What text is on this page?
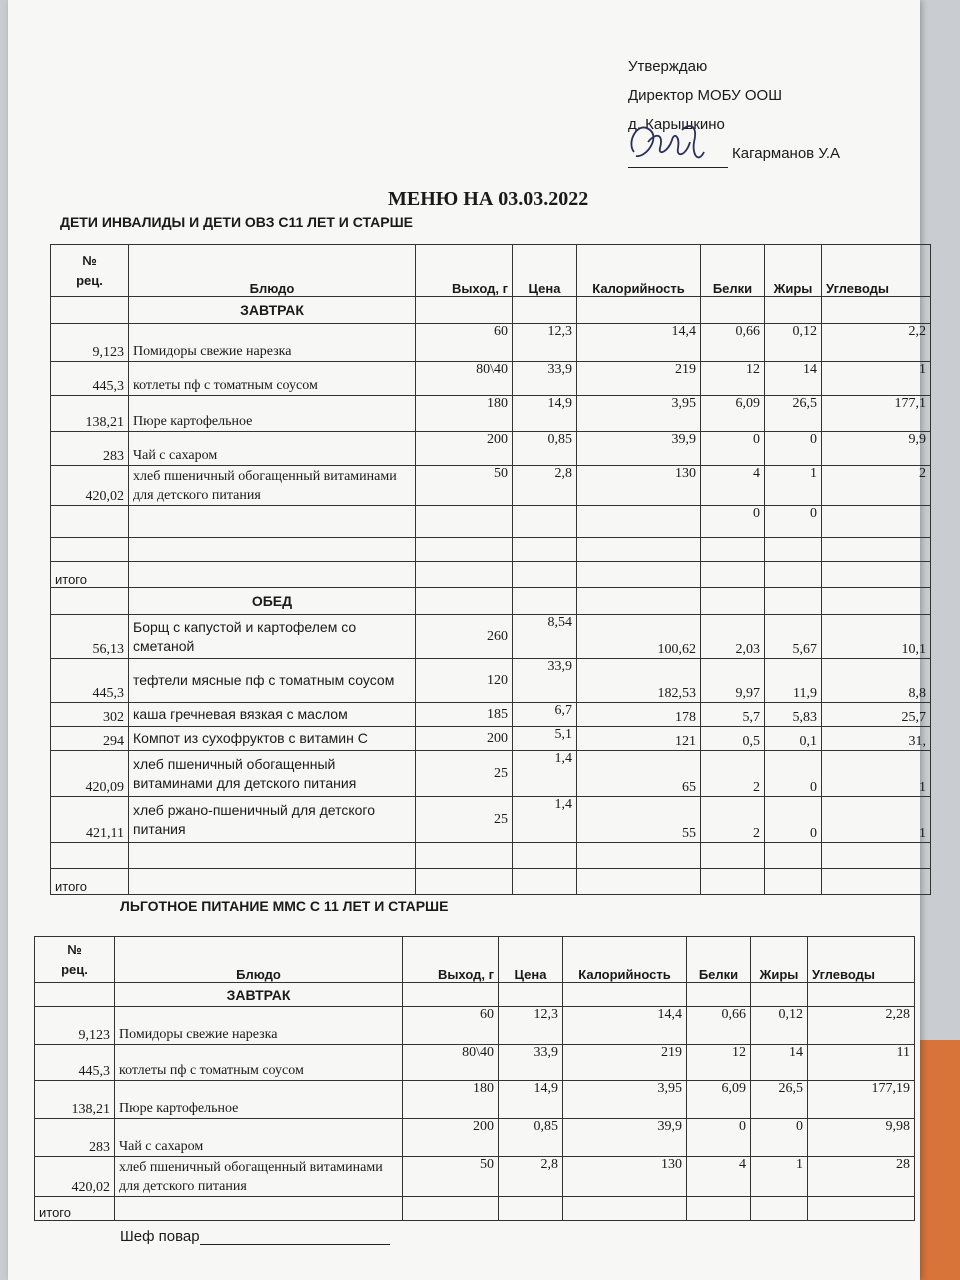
Утверждаю
Директор МОБУ ООШ
д. Карышкино
Кагарманов У.А
МЕНЮ НА 03.03.2022
ДЕТИ ИНВАЛИДЫ И ДЕТИ ОВЗ С11 ЛЕТ И СТАРШЕ
№
рец.	Блюдо	Выход, г	Цена	Калорийность	Белки	Жиры	Углеводы
	ЗАВТРАК						
9,123	Помидоры свежие нарезка	60	12,3	14,4	0,66	0,12	2,2
445,3	котлеты пф с томатным соусом	80\40	33,9	219	12	14	1
138,21	Пюре картофельное	180	14,9	3,95	6,09	26,5	177,1
283	Чай с сахаром	200	0,85	39,9	0	0	9,9
420,02	хлеб пшеничный обогащенный витаминами для детского питания	50	2,8	130	4	1	2
					0	0	

итого							
	ОБЕД						
56,13	Борщ с капустой и картофелем со сметаной	260	8,54	100,62	2,03	5,67	10,1
445,3	тефтели мясные пф с томатным соусом	120	33,9	182,53	9,97	11,9	8,8
302	каша гречневая вязкая с маслом	185	6,7	178	5,7	5,83	25,7
294	Компот из сухофруктов с витамин С	200	5,1	121	0,5	0,1	31,
420,09	хлеб пшеничный обогащенный витаминами для детского питания	25	1,4	65	2	0	1
421,11	хлеб ржано-пшеничный для детского питания	25	1,4	55	2	0	1

итого							
ЛЬГОТНОЕ ПИТАНИЕ ММС С 11 ЛЕТ И СТАРШЕ
№
рец.	Блюдо	Выход, г	Цена	Калорийность	Белки	Жиры	Углеводы
	ЗАВТРАК						
9,123	Помидоры свежие нарезка	60	12,3	14,4	0,66	0,12	2,28
445,3	котлеты пф с томатным соусом	80\40	33,9	219	12	14	11
138,21	Пюре картофельное	180	14,9	3,95	6,09	26,5	177,19
283	Чай с сахаром	200	0,85	39,9	0	0	9,98
420,02	хлеб пшеничный обогащенный витаминами для детского питания	50	2,8	130	4	1	28
итого							
Шеф повар
